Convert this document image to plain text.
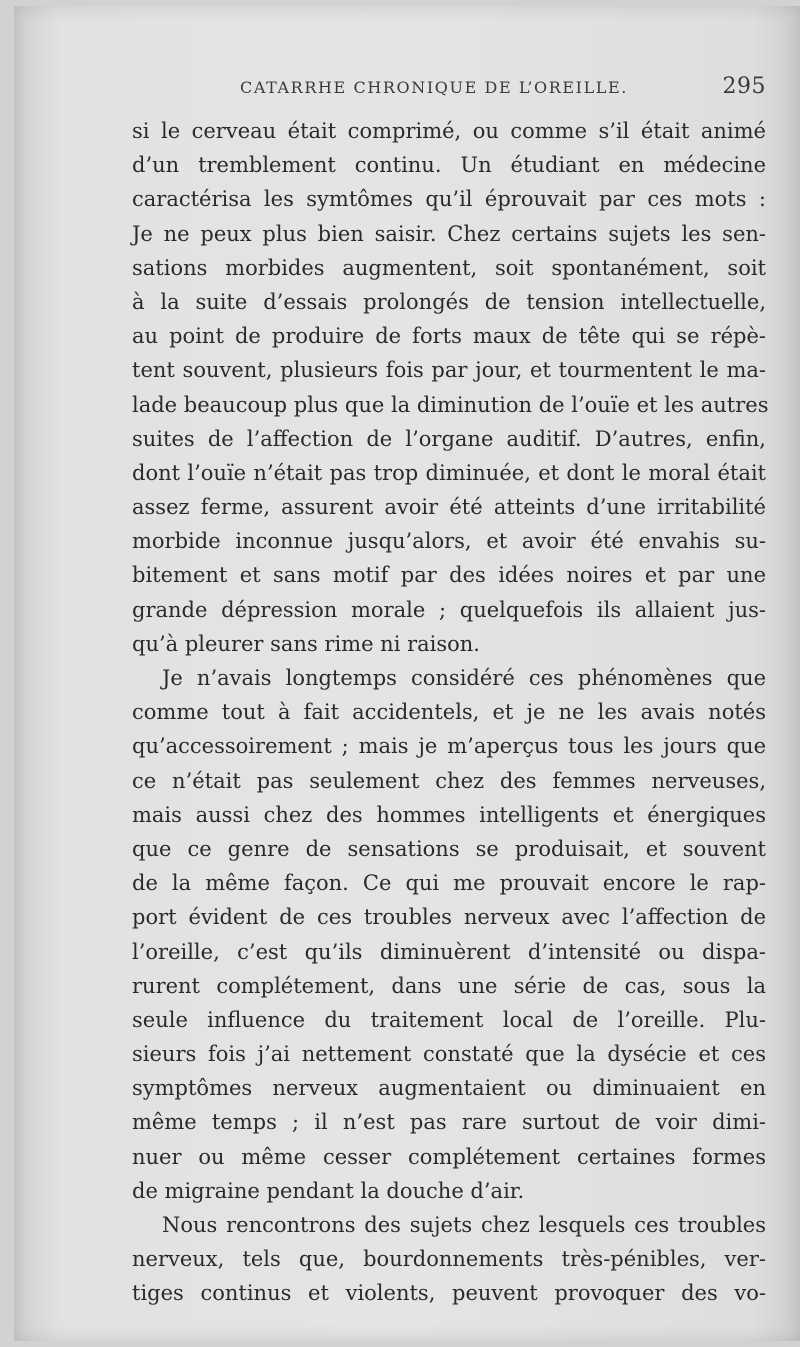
CATARRHE CHRONIQUE DE L’OREILLE.	295
si le cerveau était comprimé, ou comme s’il était animé
d’un tremblement continu. Un étudiant en médecine
caractérisa les symtômes qu’il éprouvait par ces mots :
Je ne peux plus bien saisir. Chez certains sujets les sen-
sations morbides augmentent, soit spontanément, soit
à la suite d’essais prolongés de tension intellectuelle,
au point de produire de forts maux de tête qui se répè-
tent souvent, plusieurs fois par jour, et tourmentent le ma-
lade beaucoup plus que la diminution de l’ouïe et les autres
suites de l’affection de l’organe auditif. D’autres, enfin,
dont l’ouïe n’était pas trop diminuée, et dont le moral était
assez ferme, assurent avoir été atteints d’une irritabilité
morbide inconnue jusqu’alors, et avoir été envahis su-
bitement et sans motif par des idées noires et par une
grande dépression morale ; quelquefois ils allaient jus-
qu’à pleurer sans rime ni raison.
Je n’avais longtemps considéré ces phénomènes que
comme tout à fait accidentels, et je ne les avais notés
qu’accessoirement ; mais je m’aperçus tous les jours que
ce n’était pas seulement chez des femmes nerveuses,
mais aussi chez des hommes intelligents et énergiques
que ce genre de sensations se produisait, et souvent
de la même façon. Ce qui me prouvait encore le rap-
port évident de ces troubles nerveux avec l’affection de
l’oreille, c’est qu’ils diminuèrent d’intensité ou dispa-
rurent complétement, dans une série de cas, sous la
seule influence du traitement local de l’oreille. Plu-
sieurs fois j’ai nettement constaté que la dysécie et ces
symptômes nerveux augmentaient ou diminuaient en
même temps ; il n’est pas rare surtout de voir dimi-
nuer ou même cesser complétement certaines formes
de migraine pendant la douche d’air.
Nous rencontrons des sujets chez lesquels ces troubles
nerveux, tels que, bourdonnements très-pénibles, ver-
tiges continus et violents, peuvent provoquer des vo-
